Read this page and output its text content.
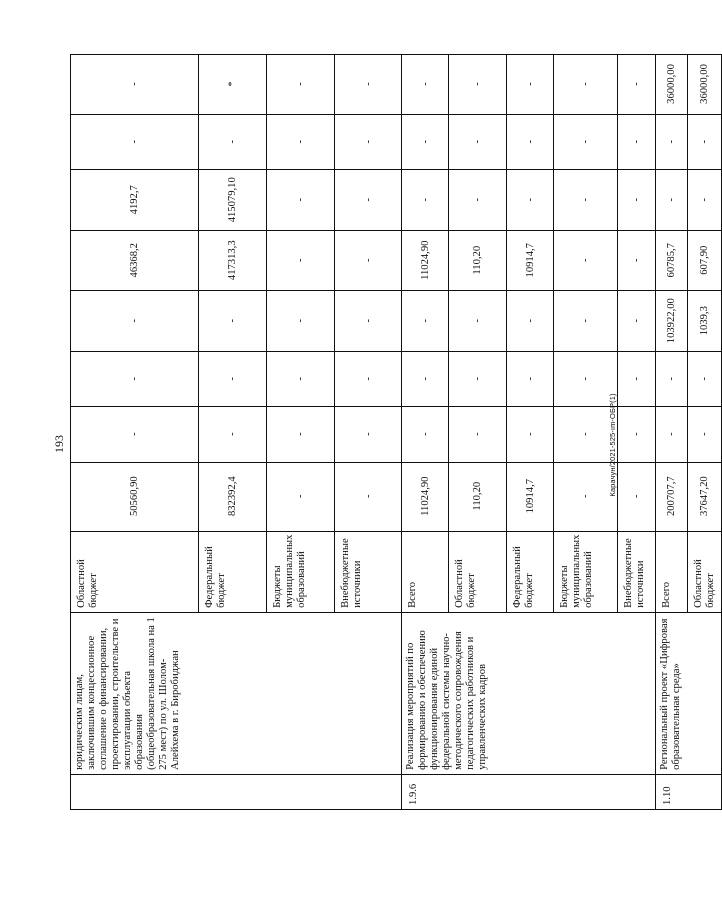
193
	юридическим лицам, заключившим концессионное соглашение о финансировании, проектировании, строительстве и эксплуатации объекта образования (общеобразовательная школа на 1 275 мест) по ул. Шолом-Алейхема в г. Биробиджан	Областной бюджет	50560,90	-	-	-	46368,2	4192,7	-	-
		Федеральный бюджет	832392,4	-	-	-	417313,3	415079,10	-	*
		Бюджеты муниципальных образований	-	-	-	-	-	-	-	-
		Внебюджетные источники	-	-	-	-	-	-	-	-
1.9.6	Реализация мероприятий по формированию и обеспечению функционирования единой федеральной системы научно-методического сопровождения педагогических работников и управленческих кадров	Всего	11024,90	-	-	-	11024,90	-	-	-
		Областной бюджет	110,20	-	-	-	110,20	-	-	-
		Федеральный бюджет	10914,7	-	-	-	10914,7	-	-	-
		Бюджеты муниципальных образований	-	-	-	-	-	-	-	-
		Внебюджетные источники	-	-	-	-	-	-	-	-
1.10	Региональный проект «Цифровая образовательная среда»	Всего	200707,7	-	-	103922,00	60785,7	-	-	36000,00
		Областной бюджет	37647,20	-	-	1039,3	607,90	-	-	36000,00
Карачун/2021-525-ım-ОБР(1)
